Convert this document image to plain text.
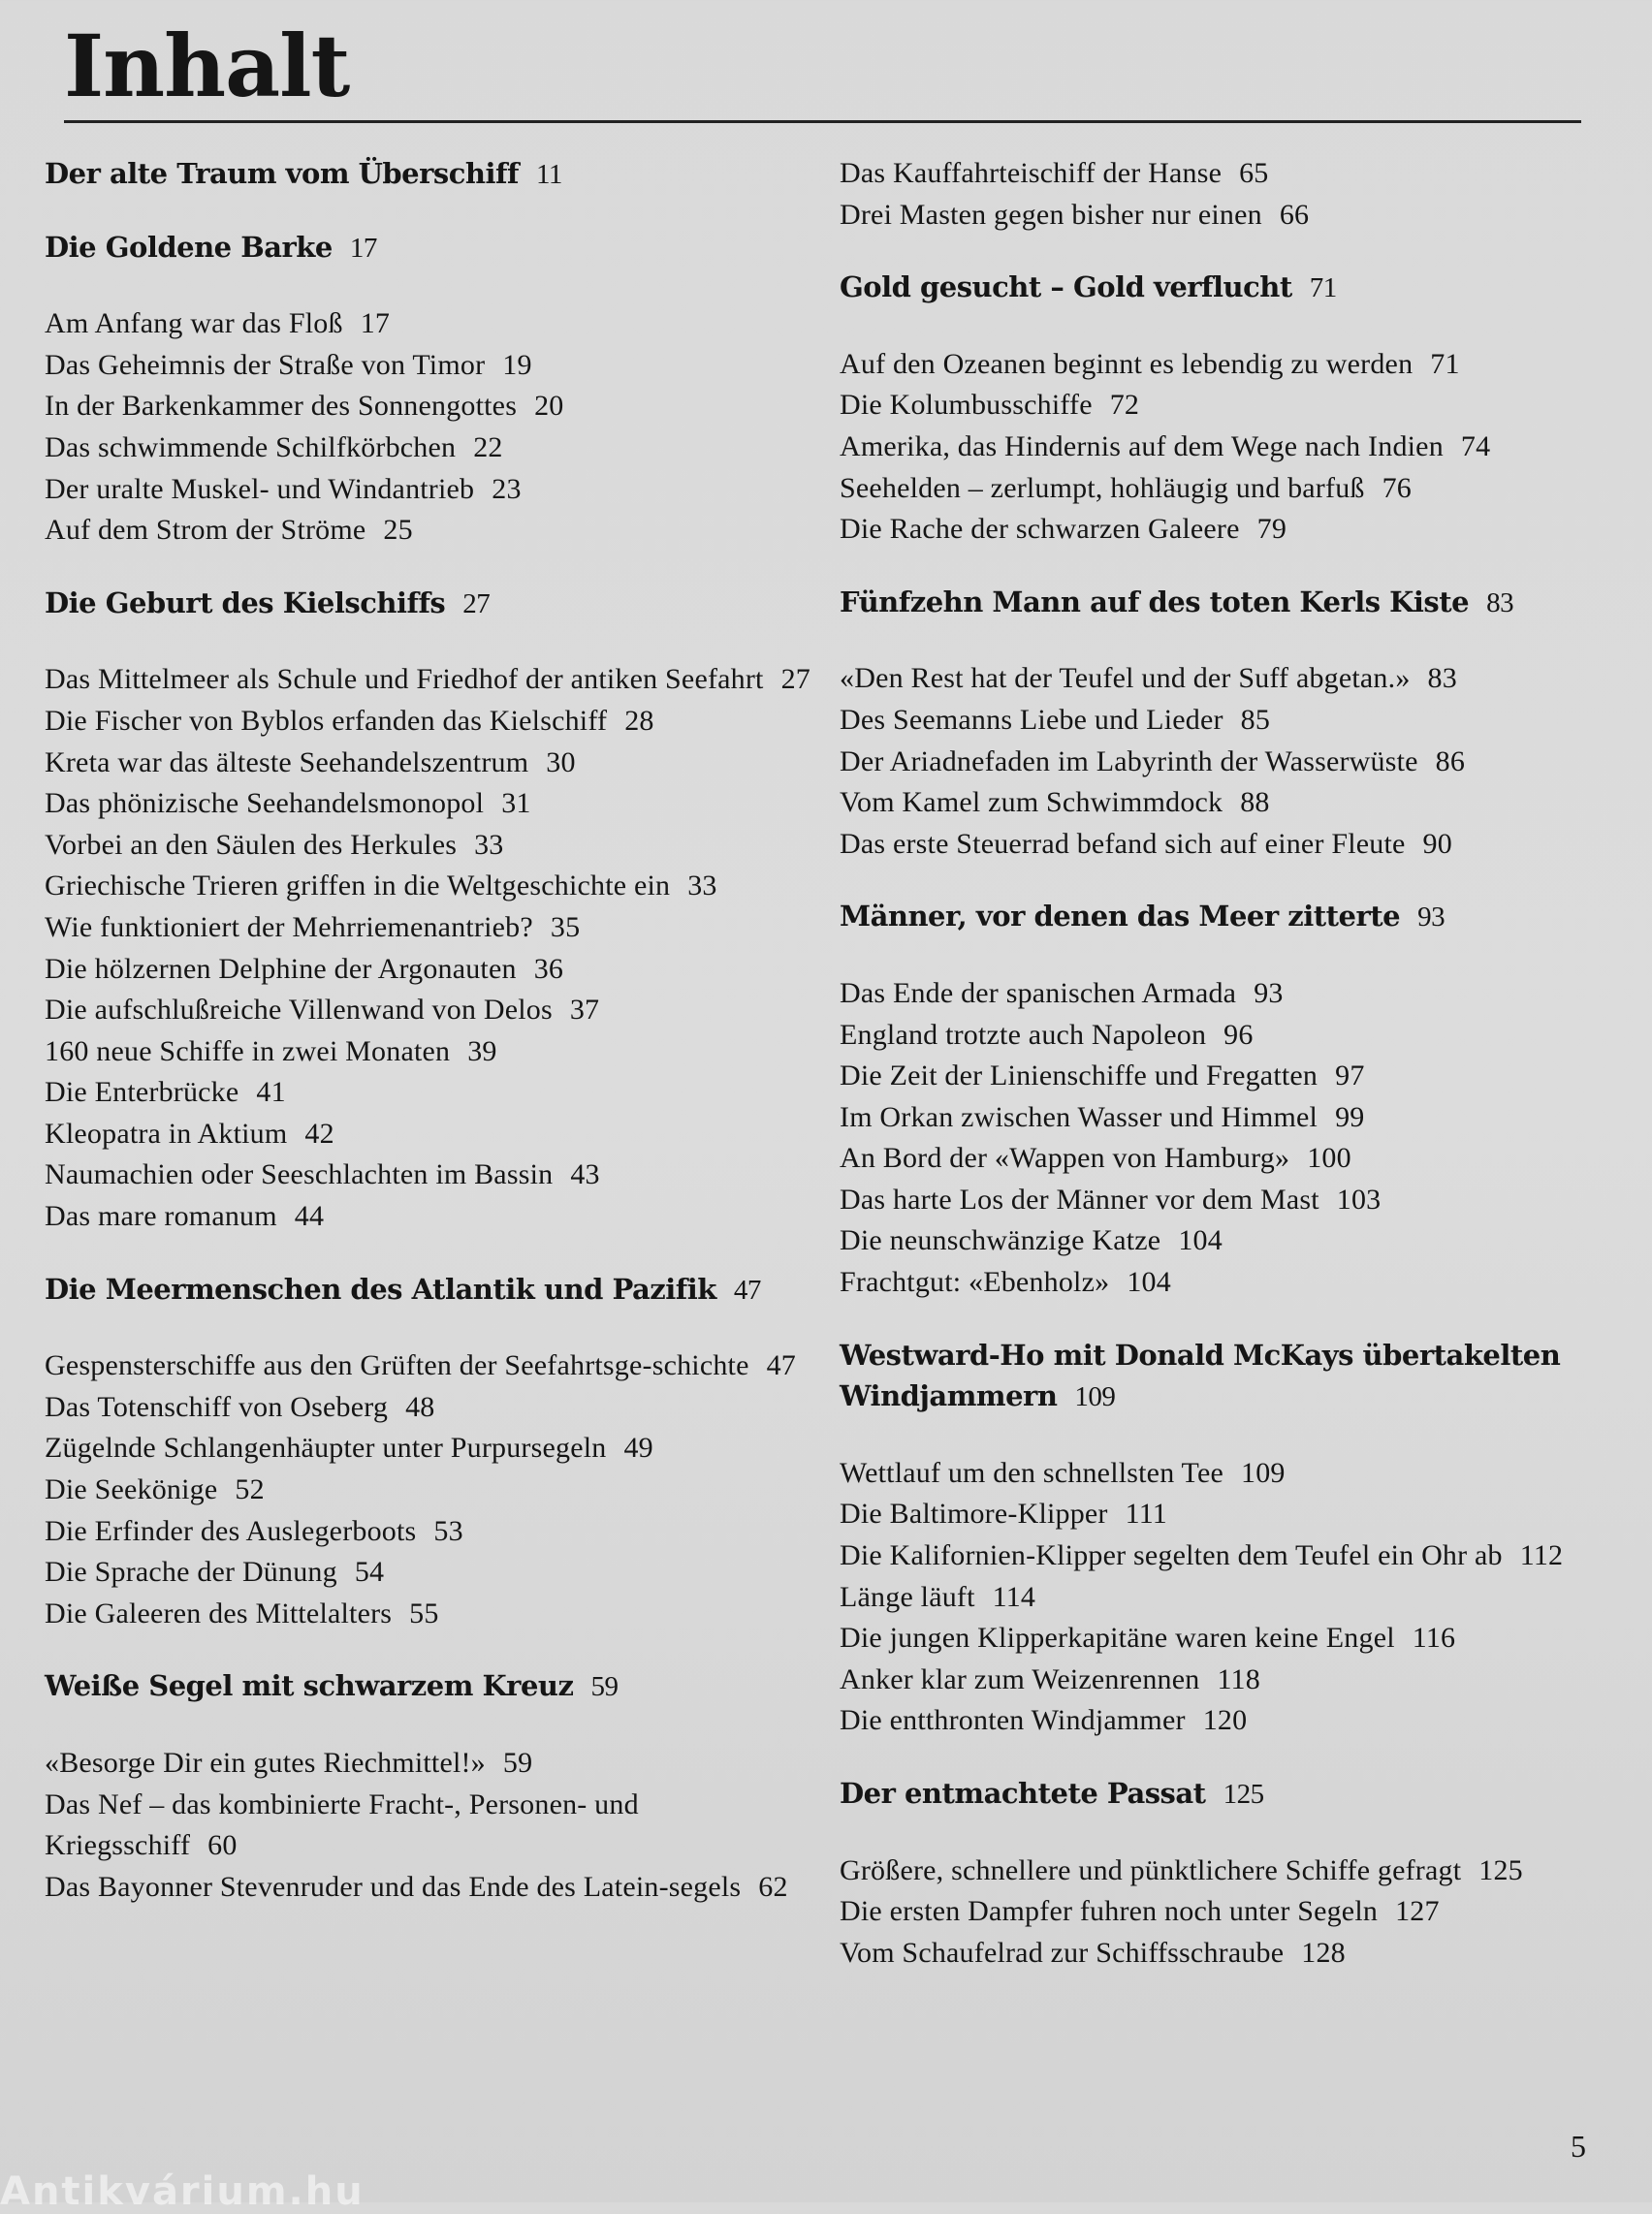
Inhalt
Der alte Traum vom Überschiff 11
Die Goldene Barke 17
Am Anfang war das Floß 17
Das Geheimnis der Straße von Timor 19
In der Barkenkammer des Sonnengottes 20
Das schwimmende Schilfkörbchen 22
Der uralte Muskel- und Windantrieb 23
Auf dem Strom der Ströme 25
Die Geburt des Kielschiffs 27
Das Mittelmeer als Schule und Friedhof der antiken Seefahrt 27
Die Fischer von Byblos erfanden das Kielschiff 28
Kreta war das älteste Seehandelszentrum 30
Das phönizische Seehandelsmonopol 31
Vorbei an den Säulen des Herkules 33
Griechische Trieren griffen in die Weltgeschichte ein 33
Wie funktioniert der Mehrriemenantrieb? 35
Die hölzernen Delphine der Argonauten 36
Die aufschlußreiche Villenwand von Delos 37
160 neue Schiffe in zwei Monaten 39
Die Enterbrücke 41
Kleopatra in Aktium 42
Naumachien oder Seeschlachten im Bassin 43
Das mare romanum 44
Die Meermenschen des Atlantik und Pazifik 47
Gespensterschiffe aus den Grüften der Seefahrtsge-schichte 47
Das Totenschiff von Oseberg 48
Zügelnde Schlangenhäupter unter Purpursegeln 49
Die Seekönige 52
Die Erfinder des Auslegerboots 53
Die Sprache der Dünung 54
Die Galeeren des Mittelalters 55
Weiße Segel mit schwarzem Kreuz 59
«Besorge Dir ein gutes Riechmittel!» 59
Das Nef – das kombinierte Fracht-, Personen- und Kriegsschiff 60
Das Bayonner Stevenruder und das Ende des Latein-segels 62
Das Kauffahrteischiff der Hanse 65
Drei Masten gegen bisher nur einen 66
Gold gesucht – Gold verflucht 71
Auf den Ozeanen beginnt es lebendig zu werden 71
Die Kolumbusschiffe 72
Amerika, das Hindernis auf dem Wege nach Indien 74
Seehelden – zerlumpt, hohläugig und barfuß 76
Die Rache der schwarzen Galeere 79
Fünfzehn Mann auf des toten Kerls Kiste 83
«Den Rest hat der Teufel und der Suff abgetan.» 83
Des Seemanns Liebe und Lieder 85
Der Ariadnefaden im Labyrinth der Wasserwüste 86
Vom Kamel zum Schwimmdock 88
Das erste Steuerrad befand sich auf einer Fleute 90
Männer, vor denen das Meer zitterte 93
Das Ende der spanischen Armada 93
England trotzte auch Napoleon 96
Die Zeit der Linienschiffe und Fregatten 97
Im Orkan zwischen Wasser und Himmel 99
An Bord der «Wappen von Hamburg» 100
Das harte Los der Männer vor dem Mast 103
Die neunschwänzige Katze 104
Frachtgut: «Ebenholz» 104
Westward-Ho mit Donald McKays übertakelten Windjammern 109
Wettlauf um den schnellsten Tee 109
Die Baltimore-Klipper 111
Die Kalifornien-Klipper segelten dem Teufel ein Ohr ab 112
Länge läuft 114
Die jungen Klipperkapitäne waren keine Engel 116
Anker klar zum Weizenrennen 118
Die entthronten Windjammer 120
Der entmachtete Passat 125
Größere, schnellere und pünktlichere Schiffe gefragt 125
Die ersten Dampfer fuhren noch unter Segeln 127
Vom Schaufelrad zur Schiffsschraube 128
5
Antikvárium.hu
